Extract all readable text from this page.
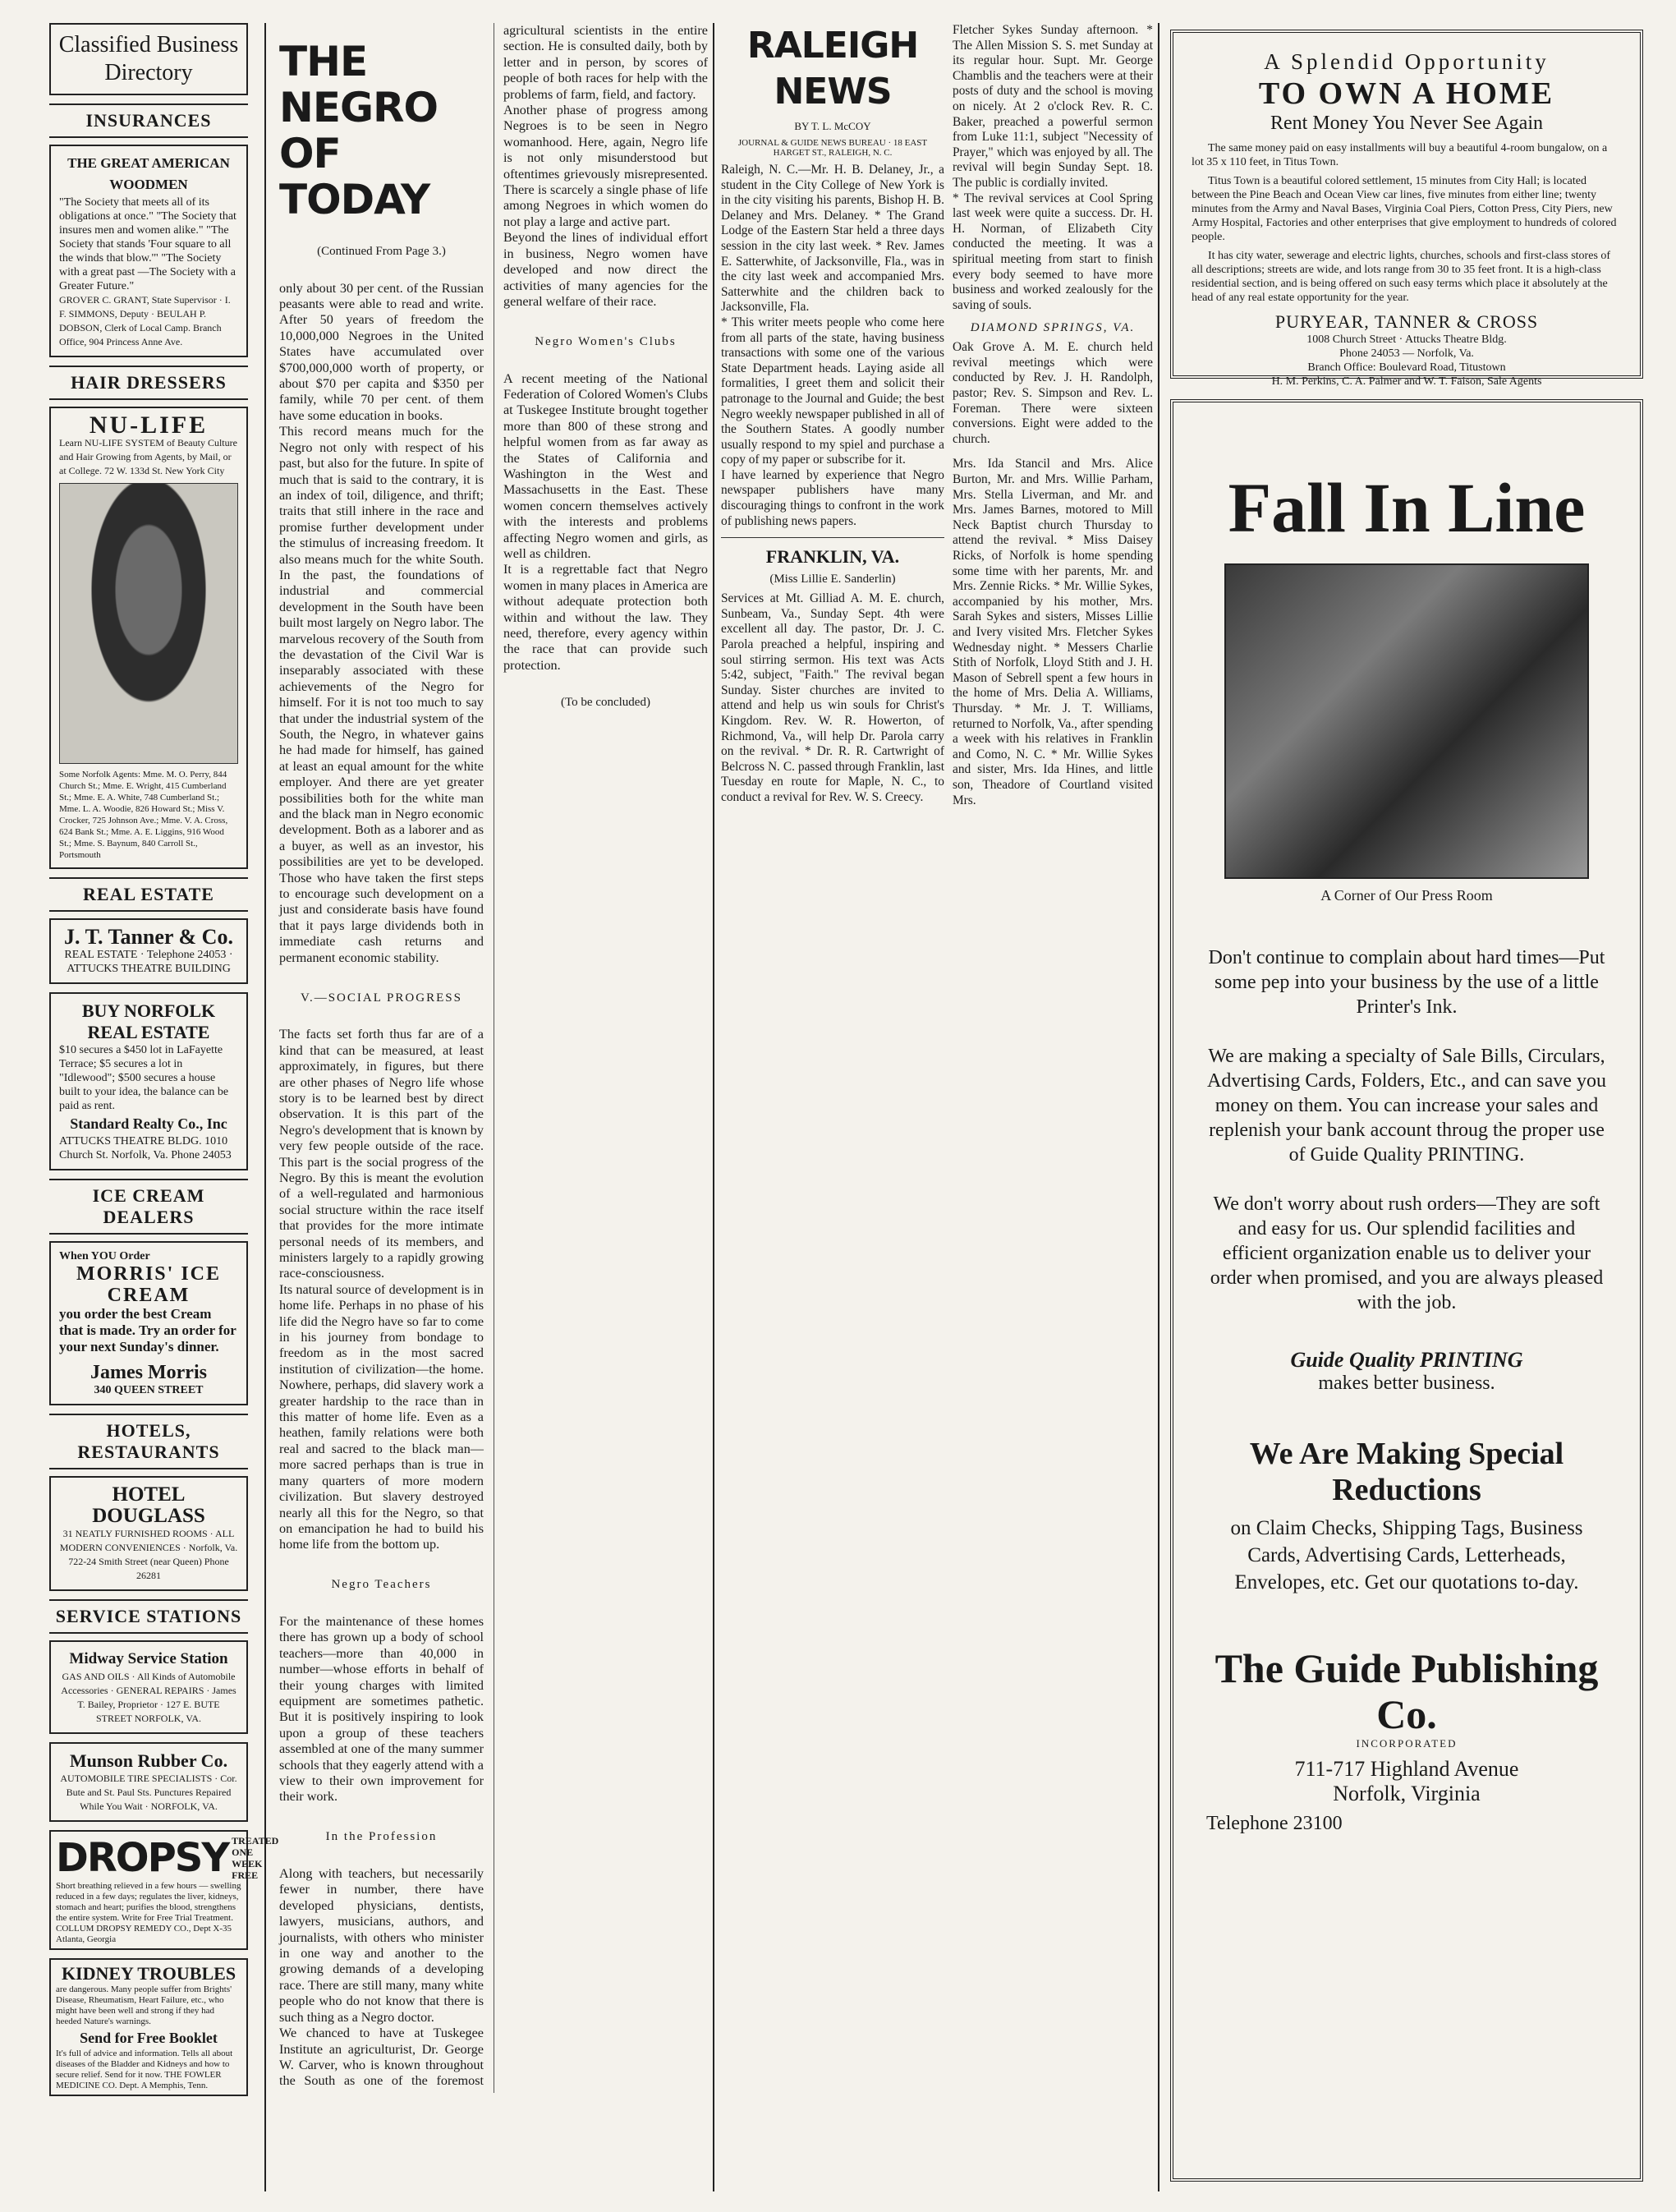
Classified Business Directory
INSURANCES
THE GREAT AMERICAN WOODMEN
"The Society that meets all of its obligations at once." "The Society that insures men and women alike." "The Society that stands 'Four square to all the winds that blow.'" "The Society with a great past —The Society with a Greater Future."
GROVER C. GRANT, State Supervisor · I. F. SIMMONS, Deputy · BEULAH P. DOBSON, Clerk of Local Camp. Branch Office, 904 Princess Anne Ave.
HAIR DRESSERS
NU-LIFE
Learn NU-LIFE SYSTEM of Beauty Culture and Hair Growing from Agents, by Mail, or at College. 72 W. 133d St. New York City
Some Norfolk Agents: Mme. M. O. Perry, 844 Church St.; Mme. E. Wright, 415 Cumberland St.; Mme. E. A. White, 748 Cumberland St.; Mme. L. A. Woodie, 826 Howard St.; Miss V. Crocker, 725 Johnson Ave.; Mme. V. A. Cross, 624 Bank St.; Mme. A. E. Liggins, 916 Wood St.; Mme. S. Baynum, 840 Carroll St., Portsmouth
REAL ESTATE
J. T. Tanner & Co.
REAL ESTATE · Telephone 24053 · ATTUCKS THEATRE BUILDING
BUY NORFOLK REAL ESTATE
$10 secures a $450 lot in LaFayette Terrace; $5 secures a lot in "Idlewood"; $500 secures a house built to your idea, the balance can be paid as rent.
Standard Realty Co., Inc
ATTUCKS THEATRE BLDG. 1010 Church St. Norfolk, Va. Phone 24053
ICE CREAM DEALERS
When YOU Order
MORRIS' ICE CREAM
you order the best Cream that is made. Try an order for your next Sunday's dinner.
James Morris
340 QUEEN STREET
HOTELS, RESTAURANTS
HOTEL DOUGLASS
31 NEATLY FURNISHED ROOMS · ALL MODERN CONVENIENCES · Norfolk, Va. 722-24 Smith Street (near Queen) Phone 26281
SERVICE STATIONS
Midway Service Station
GAS AND OILS · All Kinds of Automobile Accessories · GENERAL REPAIRS · James T. Bailey, Proprietor · 127 E. BUTE STREET NORFOLK, VA.
Munson Rubber Co.
AUTOMOBILE TIRE SPECIALISTS · Cor. Bute and St. Paul Sts. Punctures Repaired While You Wait · NORFOLK, VA.
DROPSY TREATED ONE WEEK FREE
Short breathing relieved in a few hours — swelling reduced in a few days; regulates the liver, kidneys, stomach and heart; purifies the blood, strengthens the entire system. Write for Free Trial Treatment. COLLUM DROPSY REMEDY CO., Dept X-35 Atlanta, Georgia
KIDNEY TROUBLES
are dangerous. Many people suffer from Brights' Disease, Rheumatism, Heart Failure, etc., who might have been well and strong if they had heeded Nature's warnings.
Send for Free Booklet
It's full of advice and information. Tells all about diseases of the Bladder and Kidneys and how to secure relief. Send for it now. THE FOWLER MEDICINE CO. Dept. A Memphis, Tenn.

THE NEGRO OF TODAY

(Continued From Page 3.)

only about 30 per cent. of the Russian peasants were able to read and write. After 50 years of freedom the 10,000,000 Negroes in the United States have accumulated over $700,000,000 worth of property, or about $70 per capita and $350 per family, while 70 per cent. of them have some education in books.
This record means much for the Negro not only with respect of his past, but also for the future. In spite of much that is said to the contrary, it is an index of toil, diligence, and thrift; traits that still inhere in the race and promise further development under the stimulus of increasing freedom. It also means much for the white South. In the past, the foundations of industrial and commercial development in the South have been built most largely on Negro labor. The marvelous recovery of the South from the devastation of the Civil War is inseparably associated with these achievements of the Negro for himself. For it is not too much to say that under the industrial system of the South, the Negro, in whatever gains he had made for himself, has gained at least an equal amount for the white employer. And there are yet greater possibilities both for the white man and the black man in Negro economic development. Both as a laborer and as a buyer, as well as an investor, his possibilities are yet to be developed. Those who have taken the first steps to encourage such development on a just and considerate basis have found that it pays large dividends both in immediate cash returns and permanent economic stability.

V.—SOCIAL PROGRESS

The facts set forth thus far are of a kind that can be measured, at least approximately, in figures, but there are other phases of Negro life whose story is to be learned best by direct observation. It is this part of the Negro's development that is known by very few people outside of the race. This part is the social progress of the Negro. By this is meant the evolution of a well-regulated and harmonious social structure within the race itself that provides for the more intimate personal needs of its members, and ministers largely to a rapidly growing race-consciousness.
Its natural source of development is in home life. Perhaps in no phase of his life did the Negro have so far to come in his journey from bondage to freedom as in the most sacred institution of civilization—the home. Nowhere, perhaps, did slavery work a greater hardship to the race than in this matter of home life. Even as a heathen, family relations were both real and sacred to the black man—more sacred perhaps than is true in many quarters of more modern civilization. But slavery destroyed nearly all this for the Negro, so that on emancipation he had to build his home life from the bottom up.

Negro Teachers

For the maintenance of these homes there has grown up a body of school teachers—more than 40,000 in number—whose efforts in behalf of their young charges with limited equipment are sometimes pathetic. But it is positively inspiring to look upon a group of these teachers assembled at one of the many summer schools that they eagerly attend with a view to their own improvement for their work.

In the Profession

Along with teachers, but necessarily fewer in number, there have developed physicians, dentists, lawyers, musicians, authors, and journalists, with others who minister in one way and another to the growing demands of a developing race. There are still many, many white people who do not know that there is such thing as a Negro doctor.
We chanced to have at Tuskegee Institute an agriculturist, Dr. George W. Carver, who is known throughout the South as one of the foremost agricultural scientists in the entire section. He is consulted daily, both by letter and in person, by scores of people of both races for help with the problems of farm, field, and factory.
Another phase of progress among Negroes is to be seen in Negro womanhood. Here, again, Negro life is not only misunderstood but oftentimes grievously misrepresented. There is scarcely a single phase of life among Negroes in which women do not play a large and active part.
Beyond the lines of individual effort in business, Negro women have developed and now direct the activities of many agencies for the general welfare of their race.

Negro Women's Clubs

A recent meeting of the National Federation of Colored Women's Clubs at Tuskegee Institute brought together more than 800 of these strong and helpful women from as far away as the States of California and Washington in the West and Massachusetts in the East. These women concern themselves actively with the interests and problems affecting Negro women and girls, as well as children.
It is a regrettable fact that Negro women in many places in America are without adequate protection both within and without the law. They need, therefore, every agency within the race that can provide such protection.

(To be concluded)

RALEIGH NEWS
BY T. L. McCOY
JOURNAL & GUIDE NEWS BUREAU · 18 EAST HARGET ST., RALEIGH, N. C.
Raleigh, N. C.—Mr. H. B. Delaney, Jr., a student in the City College of New York is in the city visiting his parents, Bishop H. B. Delaney and Mrs. Delaney. * The Grand Lodge of the Eastern Star held a three days session in the city last week. * Rev. James E. Satterwhite, of Jacksonville, Fla., was in the city last week and accompanied Mrs. Satterwhite and the children back to Jacksonville, Fla.
* This writer meets people who come here from all parts of the state, having business transactions with some one of the various State Department heads. Laying aside all formalities, I greet them and solicit their patronage to the Journal and Guide; the best Negro weekly newspaper published in all of the Southern States. A goodly number usually respond to my spiel and purchase a copy of my paper or subscribe for it.
I have learned by experience that Negro newspaper publishers have many discouraging things to confront in the work of publishing news papers.
FRANKLIN, VA.
(Miss Lillie E. Sanderlin)
Services at Mt. Gilliad A. M. E. church, Sunbeam, Va., Sunday Sept. 4th were excellent all day. The pastor, Dr. J. C. Parola preached a helpful, inspiring and soul stirring sermon. His text was Acts 5:42, subject, "Faith." The revival began Sunday. Sister churches are invited to attend and help us win souls for Christ's Kingdom. Rev. W. R. Howerton, of Richmond, Va., will help Dr. Parola carry on the revival. * Dr. R. R. Cartwright of Belcross N. C. passed through Franklin, last Tuesday en route for Maple, N. C., to conduct a revival for Rev. W. S. Creecy.
Fletcher Sykes Sunday afternoon. * The Allen Mission S. S. met Sunday at its regular hour. Supt. Mr. George Chamblis and the teachers were at their posts of duty and the school is moving on nicely. At 2 o'clock Rev. R. C. Baker, preached a powerful sermon from Luke 11:1, subject "Necessity of Prayer," which was enjoyed by all. The revival will begin Sunday Sept. 18. The public is cordially invited.
* The revival services at Cool Spring last week were quite a success. Dr. H. H. Norman, of Elizabeth City conducted the meeting. It was a spiritual meeting from start to finish every body seemed to have more business and worked zealously for the saving of souls.
DIAMOND SPRINGS, VA.
Oak Grove A. M. E. church held revival meetings which were conducted by Rev. J. H. Randolph, pastor; Rev. S. Simpson and Rev. L. Foreman. There were sixteen conversions. Eight were added to the church.
Mrs. Ida Stancil and Mrs. Alice Burton, Mr. and Mrs. Willie Parham, Mrs. Stella Liverman, and Mr. and Mrs. James Barnes, motored to Mill Neck Baptist church Thursday to attend the revival. * Miss Daisey Ricks, of Norfolk is home spending some time with her parents, Mr. and Mrs. Zennie Ricks. * Mr. Willie Sykes, accompanied by his mother, Mrs. Sarah Sykes and sisters, Misses Lillie and Ivery visited Mrs. Fletcher Sykes Wednesday night. * Messers Charlie Stith of Norfolk, Lloyd Stith and J. H. Mason of Sebrell spent a few hours in the home of Mrs. Delia A. Williams, Thursday. * Mr. J. T. Williams, returned to Norfolk, Va., after spending a week with his relatives in Franklin and Como, N. C. * Mr. Willie Sykes and sister, Mrs. Ida Hines, and little son, Theadore of Courtland visited Mrs.
A Splendid Opportunity
TO OWN A HOME
Rent Money You Never See Again
The same money paid on easy installments will buy a beautiful 4-room bungalow, on a lot 35 x 110 feet, in Titus Town.
Titus Town is a beautiful colored settlement, 15 minutes from City Hall; is located between the Pine Beach and Ocean View car lines, five minutes from either line; twenty minutes from the Army and Naval Bases, Virginia Coal Piers, Cotton Press, City Piers, new Army Hospital, Factories and other enterprises that give employment to hundreds of colored people.
It has city water, sewerage and electric lights, churches, schools and first-class stores of all descriptions; streets are wide, and lots range from 30 to 35 feet front. It is a high-class residential section, and is being offered on such easy terms which place it absolutely at the head of any real estate opportunity for the year.
PURYEAR, TANNER & CROSS
1008 Church Street · Attucks Theatre Bldg.
Phone 24053 — Norfolk, Va.
Branch Office: Boulevard Road, Titustown
H. M. Perkins, C. A. Palmer and W. T. Faison, Sale Agents
Fall In Line
A Corner of Our Press Room
Don't continue to complain about hard times—Put some pep into your business by the use of a little Printer's Ink.
We are making a specialty of Sale Bills, Circulars, Advertising Cards, Folders, Etc., and can save you money on them. You can increase your sales and replenish your bank account throug the proper use of Guide Quality PRINTING.
We don't worry about rush orders—They are soft and easy for us. Our splendid facilities and efficient organization enable us to deliver your order when promised, and you are always pleased with the job.
Guide Quality PRINTING
makes better business.
We Are Making Special Reductions
on Claim Checks, Shipping Tags, Business Cards, Advertising Cards, Letterheads, Envelopes, etc. Get our quotations to-day.
The Guide Publishing Co.
INCORPORATED
711-717 Highland Avenue
Norfolk, Virginia
Telephone 23100
